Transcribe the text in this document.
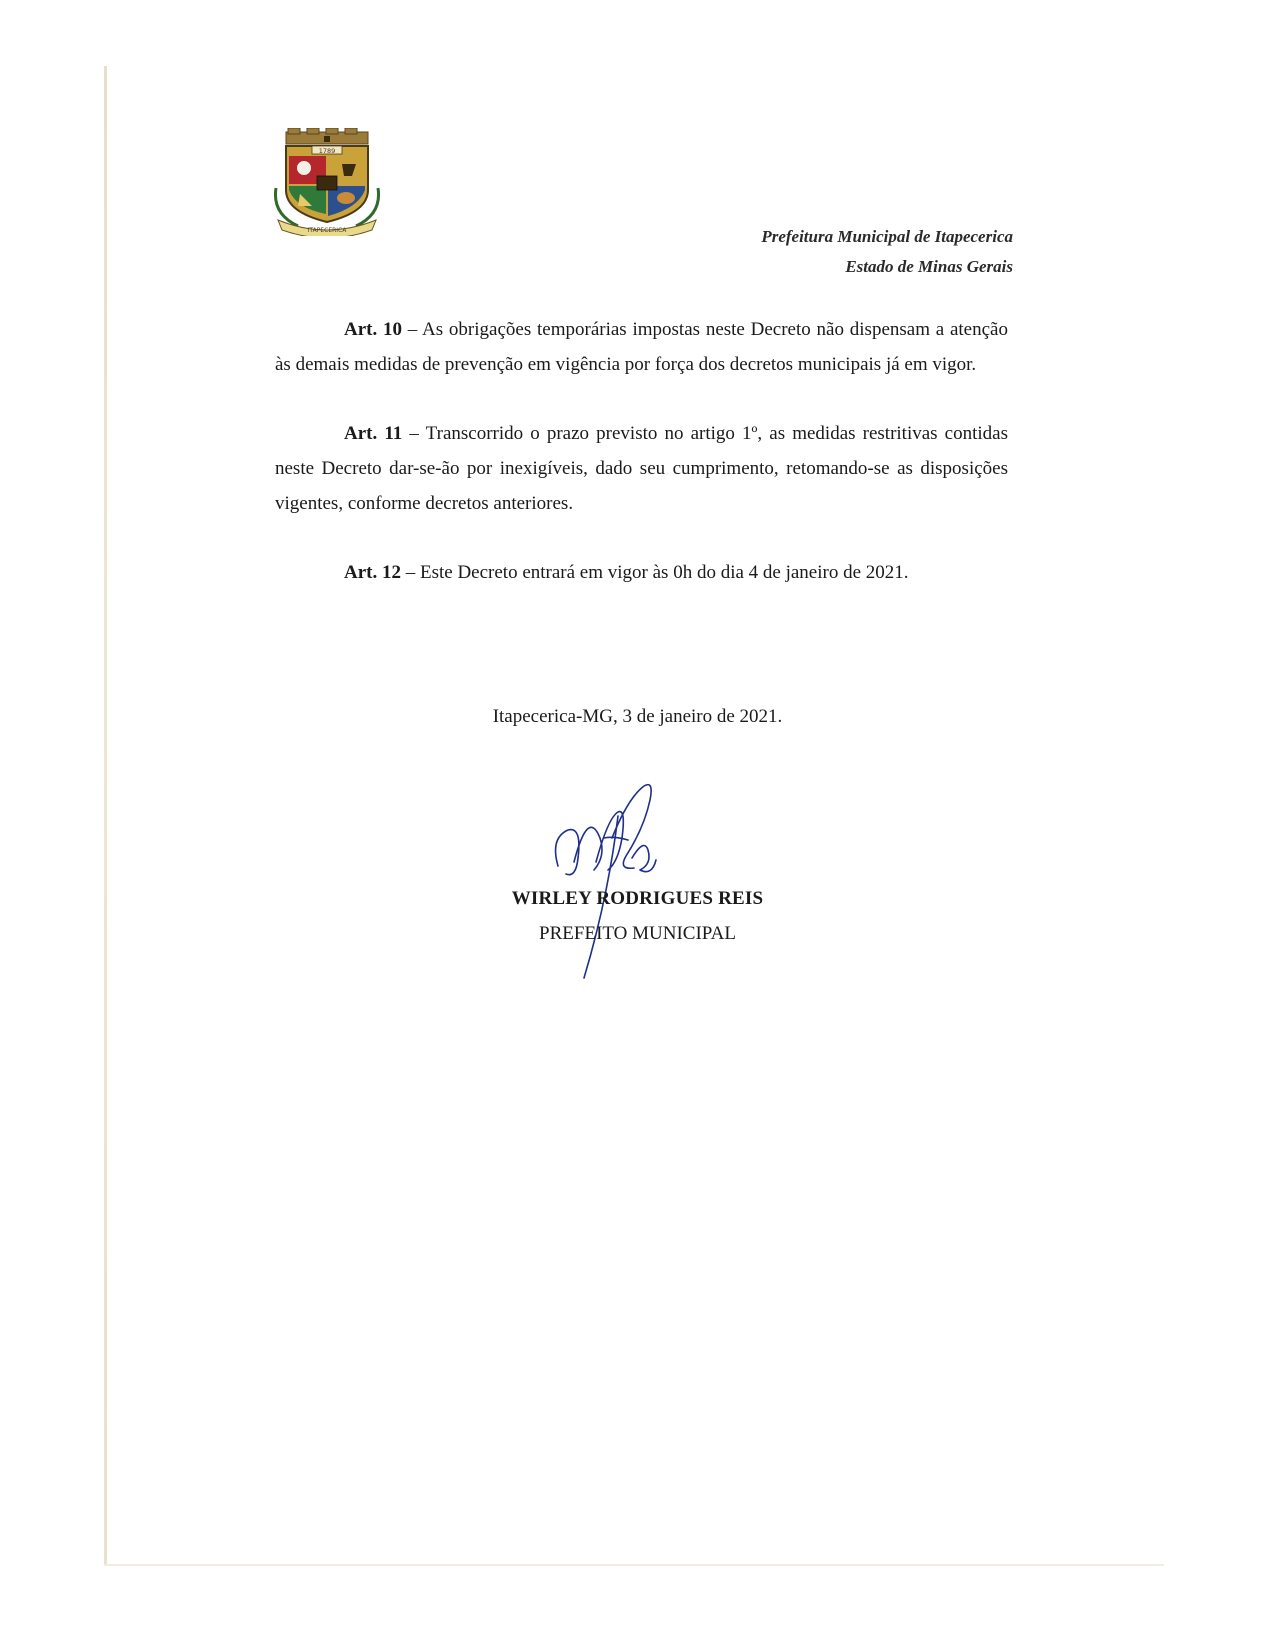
1789
ITAPECERICA	Prefeitura Municipal de Itapecerica
Estado de Minas Gerais

Art. 10 – As obrigações temporárias impostas neste Decreto não dispensam a atenção às demais medidas de prevenção em vigência por força dos decretos municipais já em vigor.

Art. 11 – Transcorrido o prazo previsto no artigo 1º, as medidas restritivas contidas neste Decreto dar-se-ão por inexigíveis, dado seu cumprimento, retomando-se as disposições vigentes, conforme decretos anteriores.

Art. 12 – Este Decreto entrará em vigor às 0h do dia 4 de janeiro de 2021.

Itapecerica-MG, 3 de janeiro de 2021.
WIRLEY RODRIGUES REIS
PREFEITO MUNICIPAL
